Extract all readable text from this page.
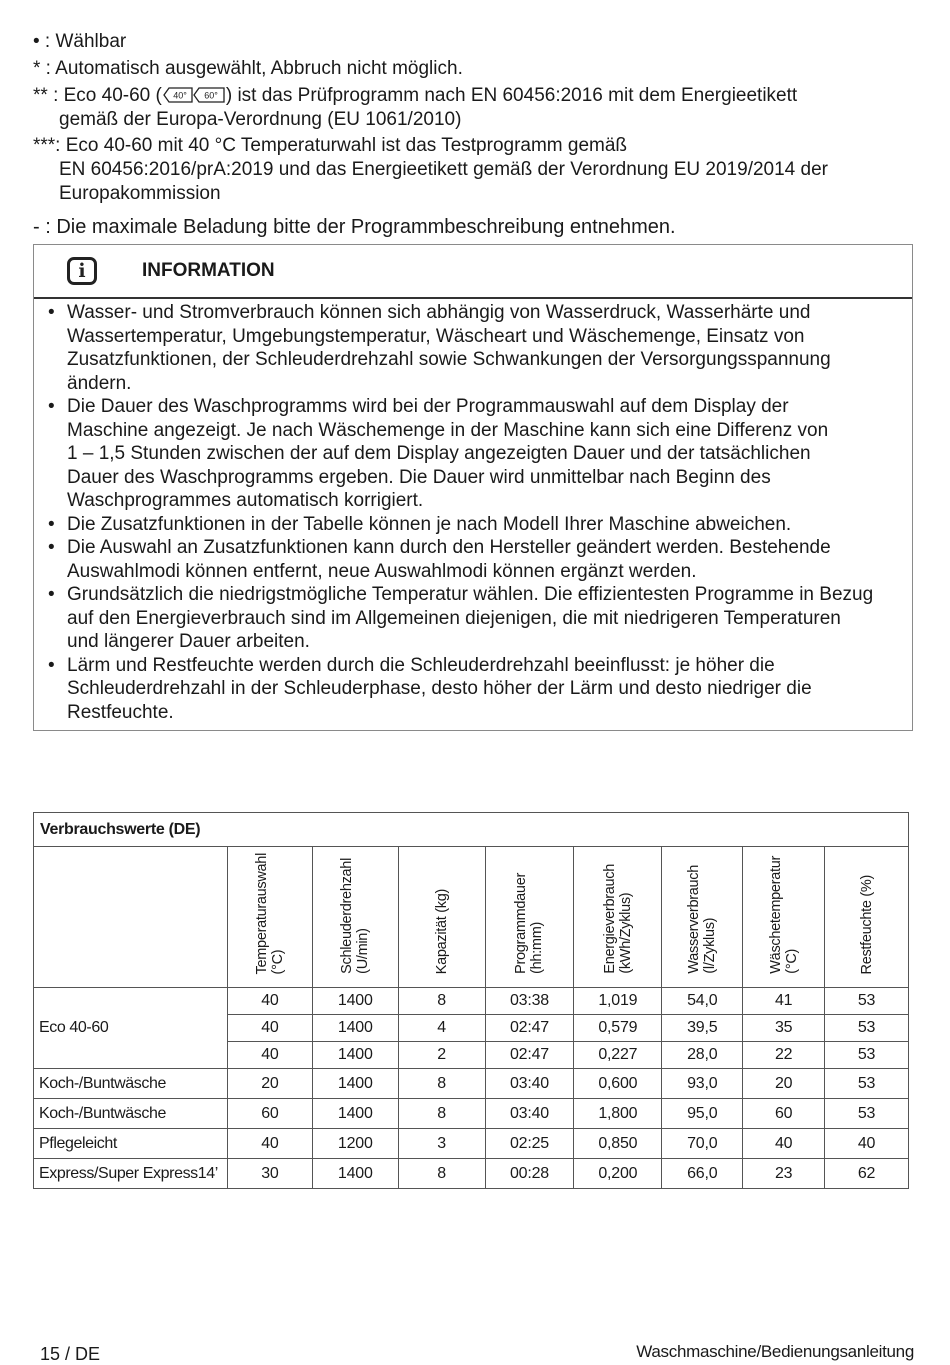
• : Wählbar
* : Automatisch ausgewählt, Abbruch nicht möglich.
** : Eco 40-60 ( 40° 60° ) ist das Prüfprogramm nach EN 60456:2016 mit dem Energieetikett
gemäß der Europa-Verordnung (EU 1061/2010)
***: Eco 40-60 mit 40 °C Temperaturwahl ist das Testprogramm gemäß
EN 60456:2016/prA:2019 und das Energieetikett gemäß der Verordnung EU 2019/2014 der
Europakommission
- : Die maximale Beladung bitte der Programmbeschreibung entnehmen.
i	INFORMATION
• Wasser- und Stromverbrauch können sich abhängig von Wasserdruck, Wasserhärte und
Wassertemperatur, Umgebungstemperatur, Wäscheart und Wäschemenge, Einsatz von
Zusatzfunktionen, der Schleuderdrehzahl sowie Schwankungen der Versorgungsspannung
ändern.
• Die Dauer des Waschprogramms wird bei der Programmauswahl auf dem Display der
Maschine angezeigt. Je nach Wäschemenge in der Maschine kann sich eine Differenz von
1 – 1,5 Stunden zwischen der auf dem Display angezeigten Dauer und der tatsächlichen
Dauer des Waschprogramms ergeben. Die Dauer wird unmittelbar nach Beginn des
Waschprogrammes automatisch korrigiert.
• Die Zusatzfunktionen in der Tabelle können je nach Modell Ihrer Maschine abweichen.
• Die Auswahl an Zusatzfunktionen kann durch den Hersteller geändert werden. Bestehende
Auswahlmodi können entfernt, neue Auswahlmodi können ergänzt werden.
• Grundsätzlich die niedrigstmögliche Temperatur wählen. Die effizientesten Programme in Bezug
auf den Energieverbrauch sind im Allgemeinen diejenigen, die mit niedrigeren Temperaturen
und längerer Dauer arbeiten.
• Lärm und Restfeuchte werden durch die Schleuderdrehzahl beeinflusst: je höher die
Schleuderdrehzahl in der Schleuderphase, desto höher der Lärm und desto niedriger die
Restfeuchte.
Verbrauchswerte (DE)								

	Temperaturauswahl (°C)	Schleuderdrehzahl (U/min)	Kapazität (kg)	Programmdauer (hh:mm)	Energieverbrauch (kWh/Zyklus)	Wasserverbrauch (l/Zyklus)	Wäschetemperatur (°C)	Restfeuchte (%)

Eco 40-60	40	1400	8	03:38	1,019	54,0	41	53
	40	1400	4	02:47	0,579	39,5	35	53
	40	1400	2	02:47	0,227	28,0	22	53
Koch-/Buntwäsche	20	1400	8	03:40	0,600	93,0	20	53
Koch-/Buntwäsche	60	1400	8	03:40	1,800	95,0	60	53
Pflegeleicht	40	1200	3	02:25	0,850	70,0	40	40
Express/Super Express14’	30	1400	8	00:28	0,200	66,0	23	62
15 / DE	Waschmaschine/Bedienungsanleitung
